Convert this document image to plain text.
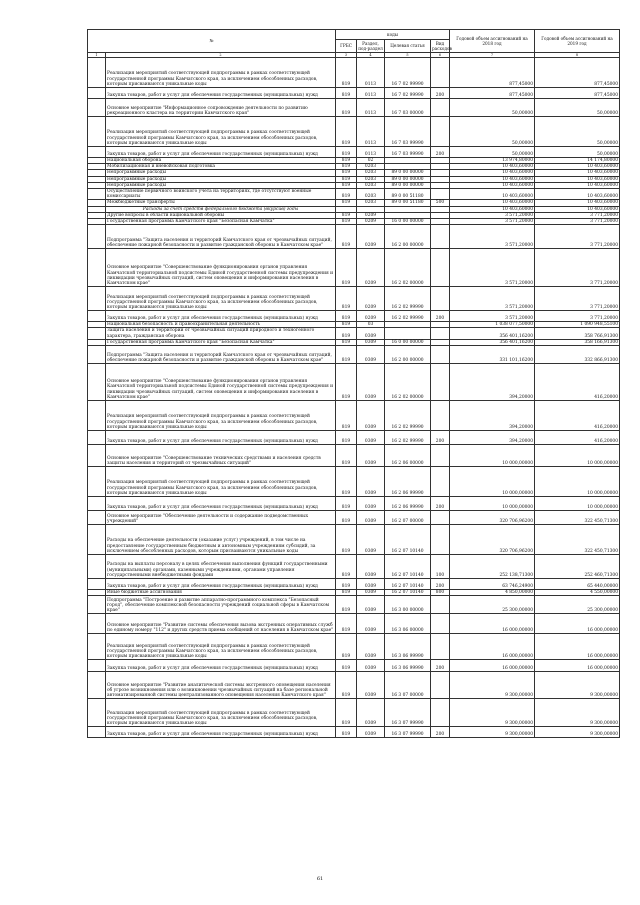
№		коды				Годовой объем ассигнований на 2018 год	Годовой объем ассигнований на 2019 год
		ГРБС	Раздел, под-раздел	Целевая статья	Вид расходов		
1	2	3	4	5	6	7	8
	Реализация мероприятий соответствующей подпрограммы в рамках соответствующей государственной программы Камчатского края, за исключением обособленных расходов, которым присваиваются уникальные коды	819	0113	16 7 02 99990		877,45000	877,45000
	Закупка товаров, работ и услуг для обеспечения государственных (муниципальных) нужд	819	0113	16 7 02 99990	200	877,45000	877,45000
	Основное мероприятие "Информационное сопровождение деятельности по развитию рекреационного кластера на территории Камчатского края"	819	0113	16 7 03 00000		50,00000	50,00000
	Реализация мероприятий соответствующей подпрограммы в рамках соответствующей государственной программы Камчатского края, за исключением обособленных расходов, которым присваиваются уникальные коды	819	0113	16 7 03 99990		50,00000	50,00000
	Закупка товаров, работ и услуг для обеспечения государственных (муниципальных) нужд	819	0113	16 7 03 99990	200	50,00000	50,00000
	Национальная оборона	819	02			13 974,80000	14 174,80000
	Мобилизационная и вневойсковая подготовка	819	0203			10 403,60000	10 403,60000
	Непрограммные расходы	819	0203	89 0 00 00000		10 403,60000	10 403,60000
	Непрограммные расходы	819	0203	89 0 00 00000		10 403,60000	10 403,60000
	Непрограммные расходы	819	0203	89 0 00 00000		10 403,60000	10 403,60000
	Осуществление первичного воинского учета на территориях, где отсутствуют военные комиссариаты	819	0203	89 0 00 51180		10 403,60000	10 403,60000
	Межбюджетные трансферты	819	0203	89 0 00 51180	500	10 403,60000	10 403,60000
	Расходы за счет средств федерального бюджета (вкурсив) годы					10 403,60000	10 403,60000
	Другие вопросы в области национальной обороны	819	0209			3 571,20000	3 771,20000
	Государственная программа Камчатского края "Безопасная Камчатка"	819	0209	16 0 00 00000		3 571,20000	3 771,20000
	Подпрограмма "Защита населения и территорий Камчатского края от чрезвычайных ситуаций, обеспечение пожарной безопасности и развитие гражданской обороны в Камчатском крае"	819	0209	16 2 00 00000		3 571,20000	3 771,20000
	Основное мероприятие "Совершенствование функционирования органов управления Камчатской территориальной подсистемы Единой государственной системы предупреждения и ликвидации чрезвычайных ситуаций, систем оповещения и информирования населения в Камчатском крае"	819	0209	16 2 02 00000		3 571,20000	3 771,20000
	Реализация мероприятий соответствующей подпрограммы в рамках соответствующей государственной программы Камчатского края, за исключением обособленных расходов, которым присваиваются уникальные коды	819	0209	16 2 02 99990		3 571,20000	3 771,20000
	Закупка товаров, работ и услуг для обеспечения государственных (муниципальных) нужд	819	0209	16 2 02 99990	200	3 571,20000	3 771,20000
	Национальная безопасность и правоохранительная деятельность	819	03			1 038 077,50000	1 090 948,55100
	Защита населения и территории от чрезвычайных ситуаций природного и техногенного характера, гражданская оборона	819	0309			356 401,16200	358 766,91300
	Государственная программа Камчатского края "Безопасная Камчатка"	819	0309	16 0 00 00000		356 401,16200	358 166,91300
	Подпрограмма "Защита населения и территорий Камчатского края от чрезвычайных ситуаций, обеспечение пожарной безопасности и развитие гражданской обороны в Камчатском крае"	819	0309	16 2 00 00000		331 101,16200	332 866,91300
	Основное мероприятие "Совершенствование функционирования органов управления Камчатской территориальной подсистемы Единой государственной системы предупреждения и ликвидации чрезвычайных ситуаций, систем оповещения и информирования населения в Камчатском крае"	819	0309	16 2 02 00000		394,20000	416,20000
	Реализация мероприятий соответствующей подпрограммы в рамках соответствующей государственной программы Камчатского края, за исключением обособленных расходов, которым присваиваются уникальные коды	819	0309	16 2 02 99990		394,20000	416,20000
	Закупка товаров, работ и услуг для обеспечения государственных (муниципальных) нужд	819	0309	16 2 02 99990	200	394,20000	416,20000
	Основное мероприятие "Совершенствование технических средствами и населения средств защиты населения и территорий от чрезвычайных ситуаций"	819	0309	16 2 06 00000		10 000,00000	10 000,00000
	Реализация мероприятий соответствующей подпрограммы в рамках соответствующей государственной программы Камчатского края, за исключением обособленных расходов, которым присваиваются уникальные коды	819	0309	16 2 06 99990		10 000,00000	10 000,00000
	Закупка товаров, работ и услуг для обеспечения государственных (муниципальных) нужд	819	0309	16 2 06 99990	200	10 000,00000	10 000,00000
	Основное мероприятие "Обеспечение деятельности и содержание подведомственных учреждений"	819	0309	16 2 07 00000		320 706,96200	322 450,71300
	Расходы на обеспечение деятельности (оказание услуг) учреждений, в том числе на предоставление государственным бюджетным и автономным учреждениям субсидий, за исключением обособленных расходов, которым присваиваются уникальные коды	819	0309	16 2 07 10140		320 706,96200	322 450,71300
	Расходы на выплаты персоналу в целях обеспечения выполнения функций государственными (муниципальными) органами, казенными учреждениями, органами управления государственными внебюджетными фондами	819	0309	16 2 07 10140	100	252 138,71300	252 460,71300
	Закупка товаров, работ и услуг для обеспечения государственных (муниципальных) нужд	819	0309	16 2 07 10140	200	63 746,24900	65 440,00000
	Иные бюджетные ассигнования	819	0309	16 2 07 10140	800	4 850,00000	4 550,00000
	Подпрограмма "Построение и развитие аппаратно-программного комплекса "Безопасный город", обеспечение комплексной безопасности учреждений социальной сферы в Камчатском крае"	819	0309	16 3 00 00000		25 300,00000	25 300,00000
	Основное мероприятие "Развитие системы обеспечения вызова экстренных оперативных служб по единому номеру "112" и других средств приема сообщений от населения в Камчатском крае"	819	0309	16 3 06 00000		16 000,00000	16 000,00000
	Реализация мероприятий соответствующей подпрограммы в рамках соответствующей государственной программы Камчатского края, за исключением обособленных расходов, которым присваиваются уникальные коды	819	0309	16 3 06 99990		16 000,00000	16 000,00000
	Закупка товаров, работ и услуг для обеспечения государственных (муниципальных) нужд	819	0309	16 3 06 99990	200	16 000,00000	16 000,00000
	Основное мероприятие "Развитие аналитической системы экстренного оповещения населения об угрозе возникновения или о возникновении чрезвычайных ситуаций на базе региональной автоматизированной системы централизованного оповещения населения Камчатского края"	819	0309	16 3 07 00000		9 300,00000	9 300,00000
	Реализация мероприятий соответствующей подпрограммы в рамках соответствующей государственной программы Камчатского края, за исключением обособленных расходов, которым присваиваются уникальные коды	819	0309	16 3 07 99990		9 300,00000	9 300,00000
	Закупка товаров, работ и услуг для обеспечения государственных (муниципальных) нужд	819	0309	16 3 07 99990	200	9 300,00000	9 300,00000
61
